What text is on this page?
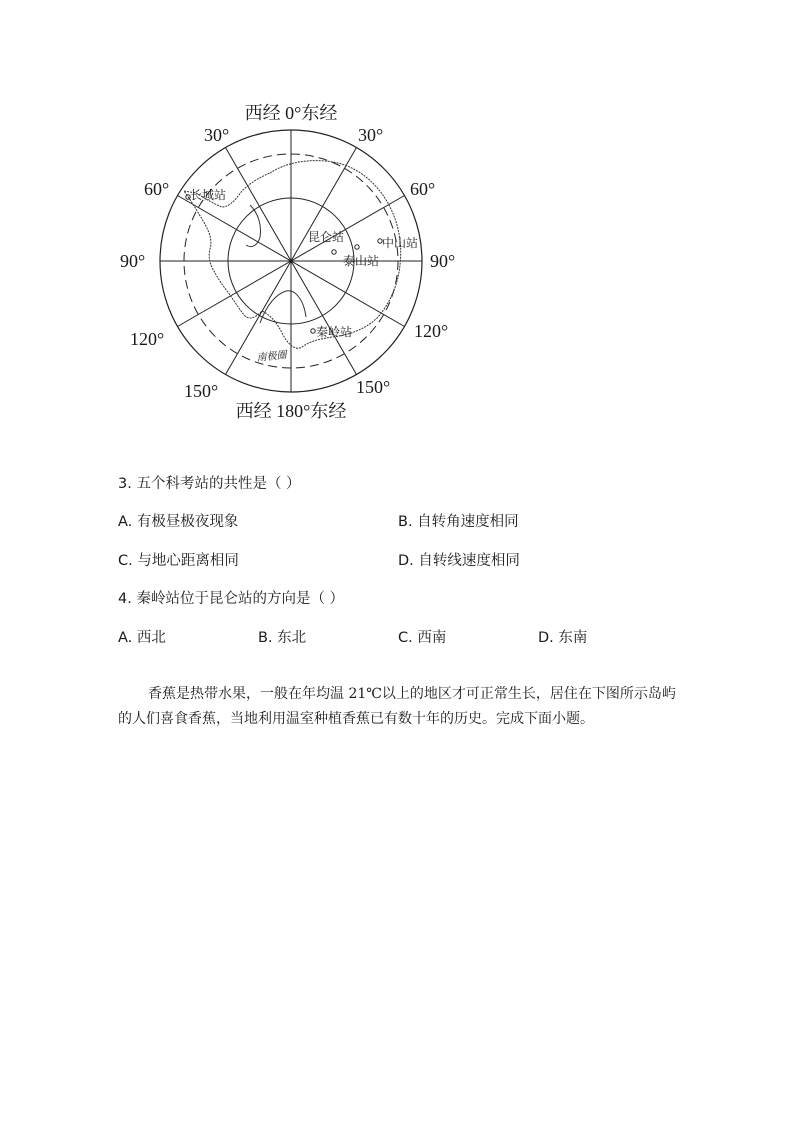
西经 0°东经
西经 180°东经
30°	30°
60°	60°
90°	90°
120°	120°
150°	150°
长城站
昆仑站	中山站
泰山站
秦岭站
南极圈
3. 五个科考站的共性是（ ）
A. 有极昼极夜现象	B. 自转角速度相同
C. 与地心距离相同	D. 自转线速度相同
4. 秦岭站位于昆仑站的方向是（ ）
A. 西北	B. 东北	C. 西南	D. 东南

香蕉是热带水果，一般在年均温 21℃以上的地区才可正常生长，居住在下图所示岛屿的人们喜食香蕉，当地利用温室种植香蕉已有数十年的历史。完成下面小题。
